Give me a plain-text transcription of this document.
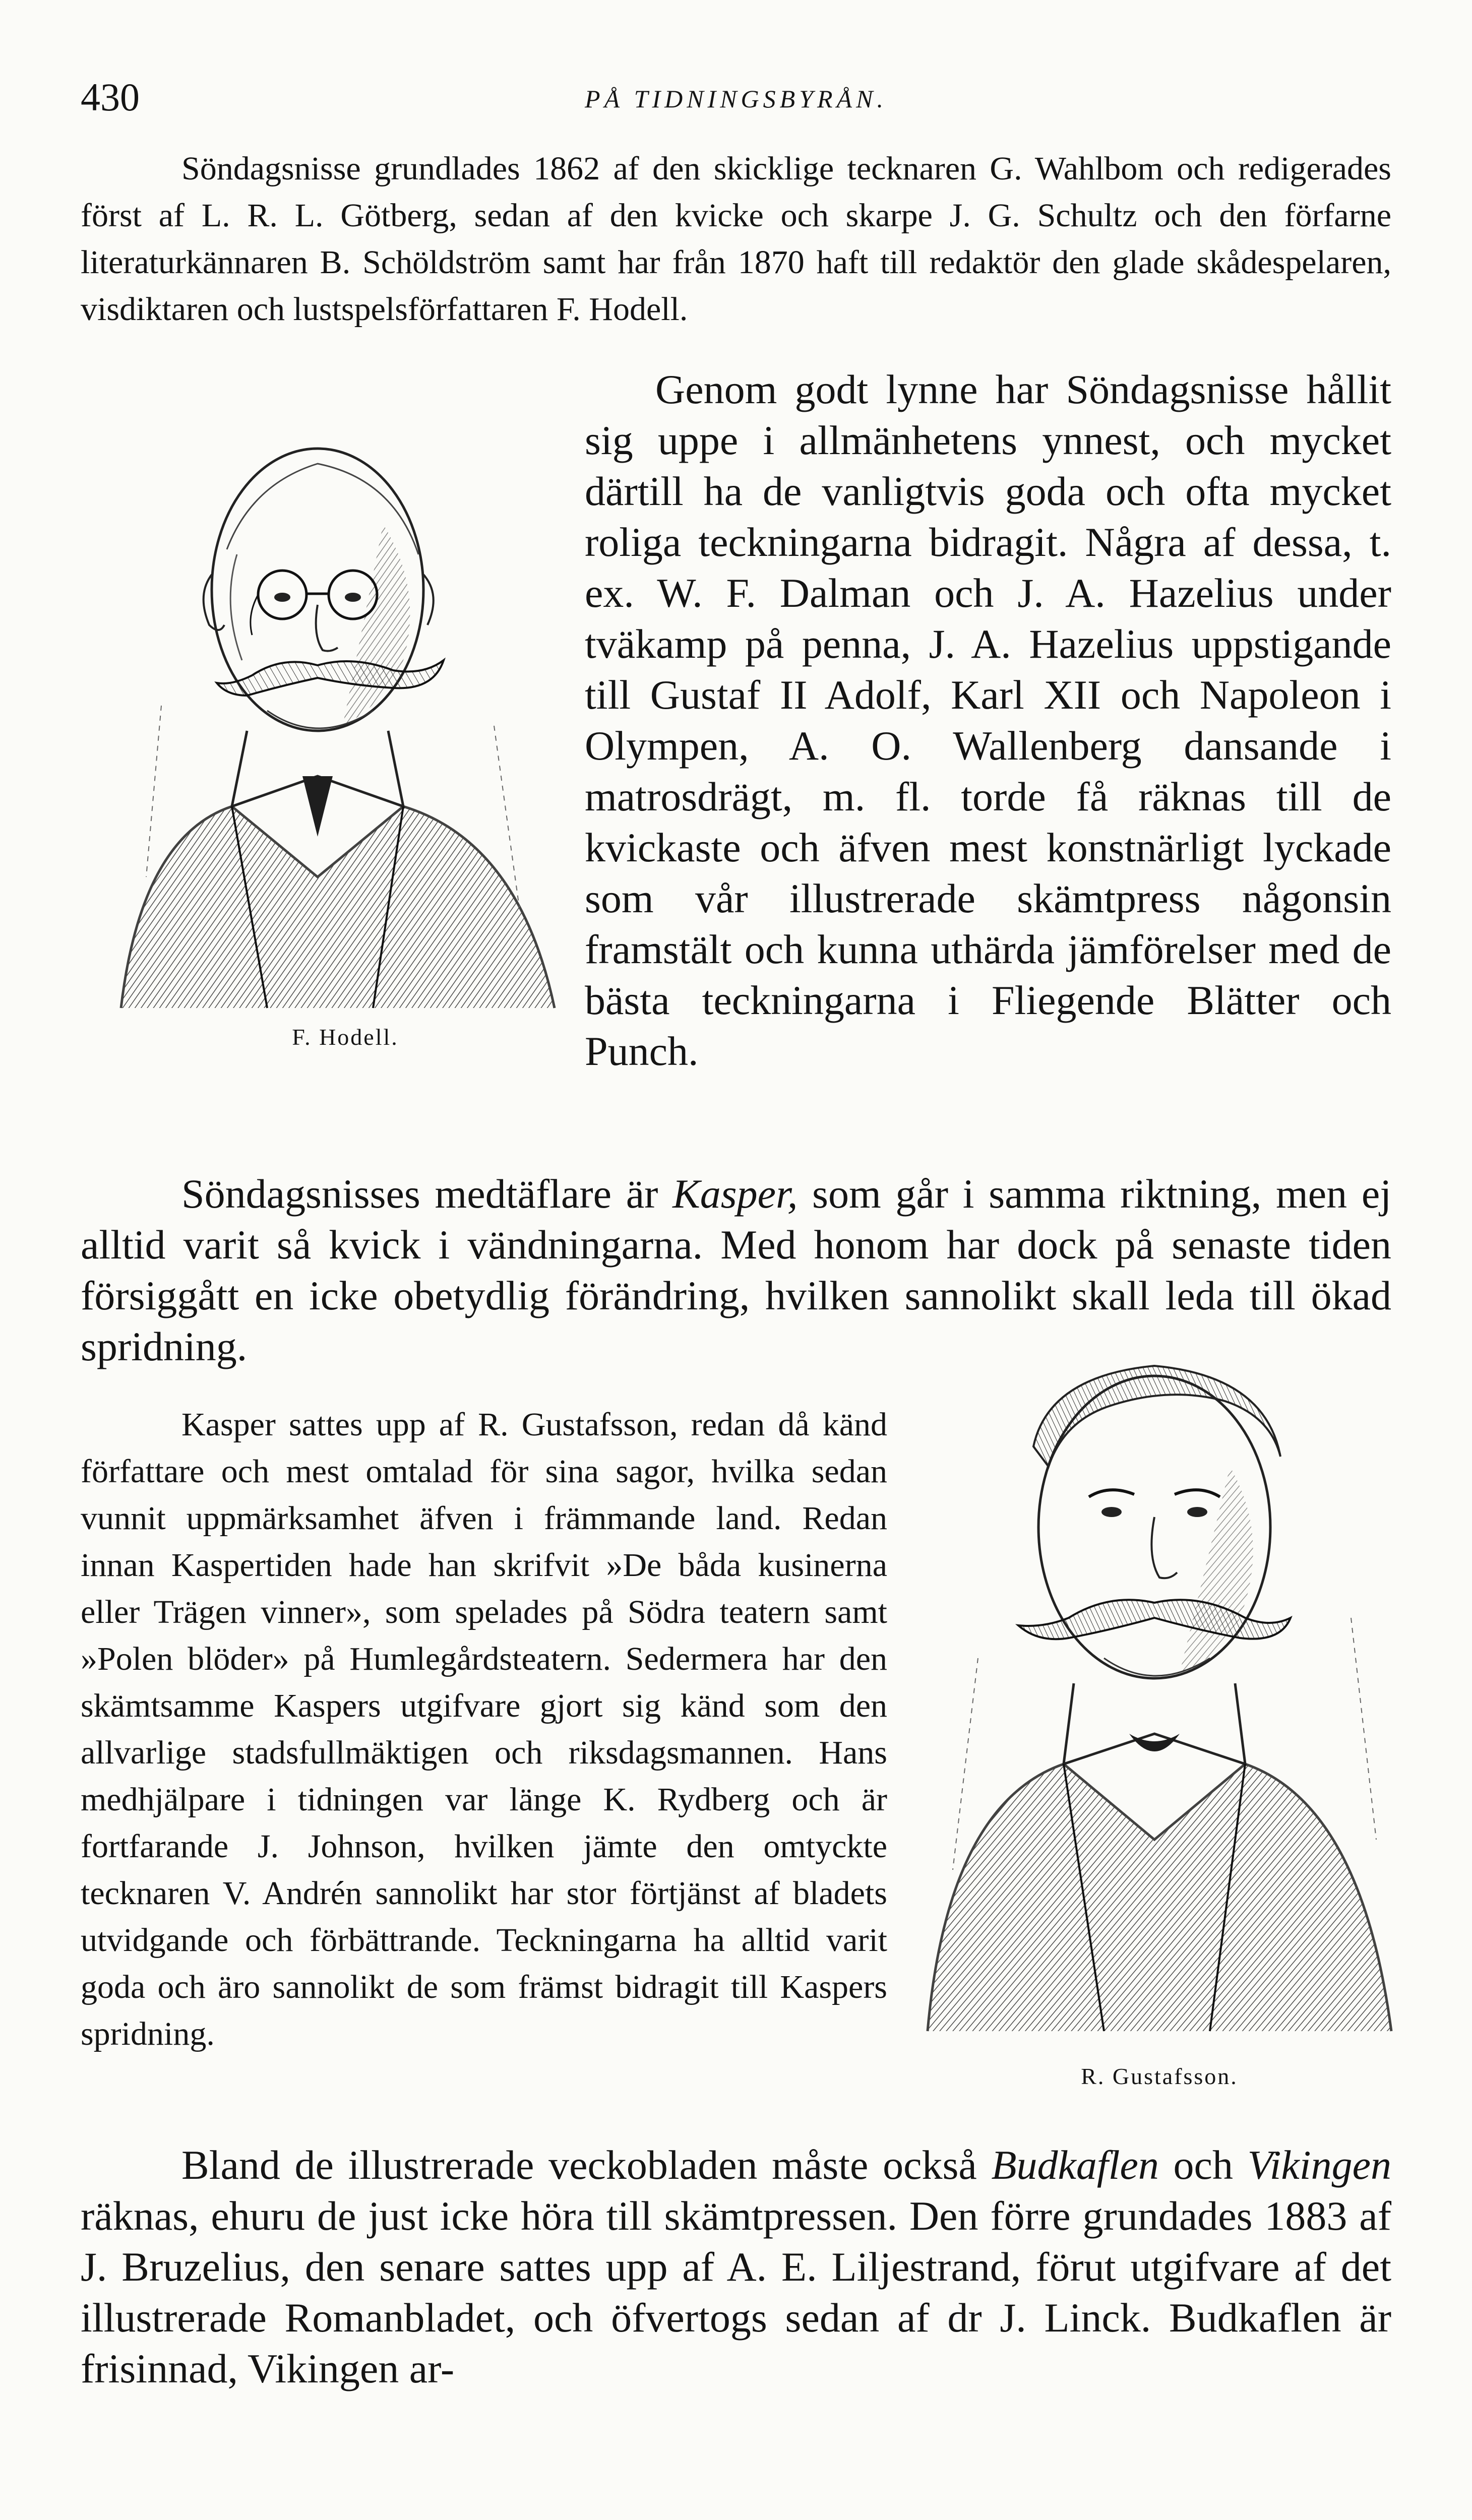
430	PÅ TIDNINGSBYRÅN.

Söndagsnisse grundlades 1862 af den skicklige tecknaren G. Wahlbom och redigerades först af L. R. L. Götberg, sedan af den kvicke och skarpe J. G. Schultz och den förfarne literaturkännaren B. Schöldström samt har från 1870 haft till redaktör den glade skådespelaren, visdiktaren och lustspelsförfattaren F. Hodell.

Genom godt lynne har Söndagsnisse hållit sig uppe i allmänhetens ynnest, och mycket därtill ha de vanligtvis goda och ofta mycket roliga teckningarna bidragit. Några af dessa, t. ex. W. F. Dalman och J. A. Hazelius under tväkamp på penna, J. A. Hazelius uppstigande till Gustaf II Adolf, Karl XII och Napoleon i Olympen, A. O. Wallenberg dansande i matrosdrägt, m. fl. torde få räknas till de kvickaste och äfven mest konstnärligt lyckade som vår illustrerade skämtpress någonsin framstält och kunna uthärda jämförelser med de bästa teckningarna i Fliegende Blätter och Punch.

Söndagsnisses medtäflare är Kasper, som går i samma riktning, men ej alltid varit så kvick i vändningarna. Med honom har dock på senaste tiden försiggått en icke obetydlig förändring, hvilken sannolikt skall leda till ökad spridning.

Kasper sattes upp af R. Gustafsson, redan då känd författare och mest omtalad för sina sagor, hvilka sedan vunnit uppmärksamhet äfven i främmande land. Redan innan Kaspertiden hade han skrifvit »De båda kusinerna eller Trägen vinner», som spelades på Södra teatern samt »Polen blöder» på Humlegårdsteatern. Sedermera har den skämtsamme Kaspers utgifvare gjort sig känd som den allvarlige stadsfullmäktigen och riksdagsmannen. Hans medhjälpare i tidningen var länge K. Rydberg och är fortfarande J. Johnson, hvilken jämte den omtyckte tecknaren V. Andrén sannolikt har stor förtjänst af bladets utvidgande och förbättrande. Teckningarna ha alltid varit goda och äro sannolikt de som främst bidragit till Kaspers spridning.

Bland de illustrerade veckobladen måste också Budkaflen och Vikingen räknas, ehuru de just icke höra till skämtpressen. Den förre grundades 1883 af J. Bruzelius, den senare sattes upp af A. E. Liljestrand, förut utgifvare af det illustrerade Romanbladet, och öfvertogs sedan af dr J. Linck. Budkaflen är frisinnad, Vikingen ar-

F. Hodell.
R. Gustafsson.
